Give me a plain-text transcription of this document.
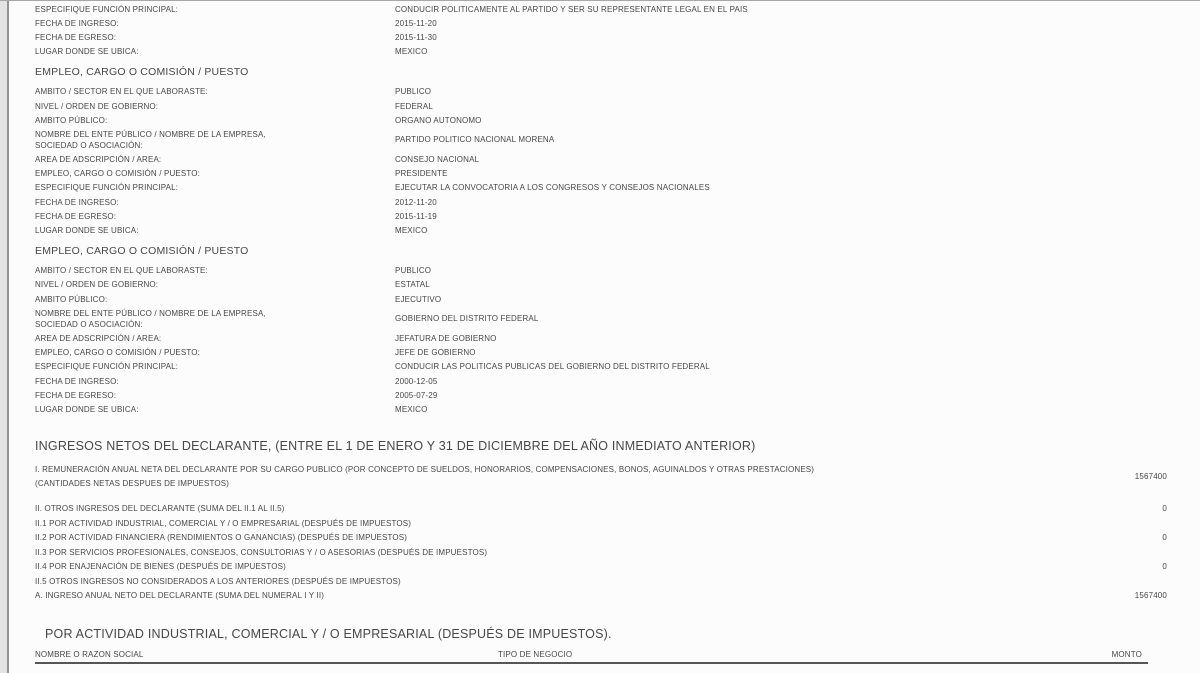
ESPECIFIQUE FUNCIÓN PRINCIPAL:	CONDUCIR POLITICAMENTE AL PARTIDO Y SER SU REPRESENTANTE LEGAL EN EL PAIS
FECHA DE INGRESO:	2015-11-20
FECHA DE EGRESO:	2015-11-30
LUGAR DONDE SE UBICA:	MEXICO
EMPLEO, CARGO O COMISIÓN / PUESTO
AMBITO / SECTOR EN EL QUE LABORASTE:	PUBLICO
NIVEL / ORDEN DE GOBIERNO:	FEDERAL
AMBITO PÚBLICO:	ORGANO AUTONOMO
NOMBRE DEL ENTE PÚBLICO / NOMBRE DE LA EMPRESA, SOCIEDAD O ASOCIACIÓN:
PARTIDO POLITICO NACIONAL MORENA
AREA DE ADSCRIPCIÓN / AREA:	CONSEJO NACIONAL
EMPLEO, CARGO O COMISIÓN / PUESTO:	PRESIDENTE
ESPECIFIQUE FUNCIÓN PRINCIPAL:	EJECUTAR LA CONVOCATORIA A LOS CONGRESOS Y CONSEJOS NACIONALES
FECHA DE INGRESO:	2012-11-20
FECHA DE EGRESO:	2015-11-19
LUGAR DONDE SE UBICA:	MEXICO
EMPLEO, CARGO O COMISIÓN / PUESTO
AMBITO / SECTOR EN EL QUE LABORASTE:	PUBLICO
NIVEL / ORDEN DE GOBIERNO:	ESTATAL
AMBITO PÚBLICO:	EJECUTIVO
NOMBRE DEL ENTE PÚBLICO / NOMBRE DE LA EMPRESA, SOCIEDAD O ASOCIACIÓN:
GOBIERNO DEL DISTRITO FEDERAL
AREA DE ADSCRIPCIÓN / AREA:	JEFATURA DE GOBIERNO
EMPLEO, CARGO O COMISIÓN / PUESTO:	JEFE DE GOBIERNO
ESPECIFIQUE FUNCIÓN PRINCIPAL:	CONDUCIR LAS POLITICAS PUBLICAS DEL GOBIERNO DEL DISTRITO FEDERAL
FECHA DE INGRESO:	2000-12-05
FECHA DE EGRESO:	2005-07-29
LUGAR DONDE SE UBICA:	MEXICO
INGRESOS NETOS DEL DECLARANTE, (ENTRE EL 1 DE ENERO Y 31 DE DICIEMBRE DEL AÑO INMEDIATO ANTERIOR)
I. REMUNERACIÓN ANUAL NETA DEL DECLARANTE POR SU CARGO PUBLICO (POR CONCEPTO DE SUELDOS, HONORARIOS, COMPENSACIONES, BONOS, AGUINALDOS Y OTRAS PRESTACIONES) (CANTIDADES NETAS DESPUES DE IMPUESTOS)
1567400
II. OTROS INGRESOS DEL DECLARANTE (SUMA DEL II.1 AL II.5)	0
II.1 POR ACTIVIDAD INDUSTRIAL, COMERCIAL Y / O EMPRESARIAL (DESPUÉS DE IMPUESTOS)
II.2 POR ACTIVIDAD FINANCIERA (RENDIMIENTOS O GANANCIAS) (DESPUÉS DE IMPUESTOS)	0
II.3 POR SERVICIOS PROFESIONALES, CONSEJOS, CONSULTORIAS Y / O ASESORIAS (DESPUÉS DE IMPUESTOS)
II.4 POR ENAJENACIÓN DE BIENES (DESPUÉS DE IMPUESTOS)	0
II.5 OTROS INGRESOS NO CONSIDERADOS A LOS ANTERIORES (DESPUÉS DE IMPUESTOS)
A. INGRESO ANUAL NETO DEL DECLARANTE (SUMA DEL NUMERAL I Y II)	1567400
POR ACTIVIDAD INDUSTRIAL, COMERCIAL Y / O EMPRESARIAL (DESPUÉS DE IMPUESTOS).
NOMBRE O RAZON SOCIAL	TIPO DE NEGOCIO	MONTO
